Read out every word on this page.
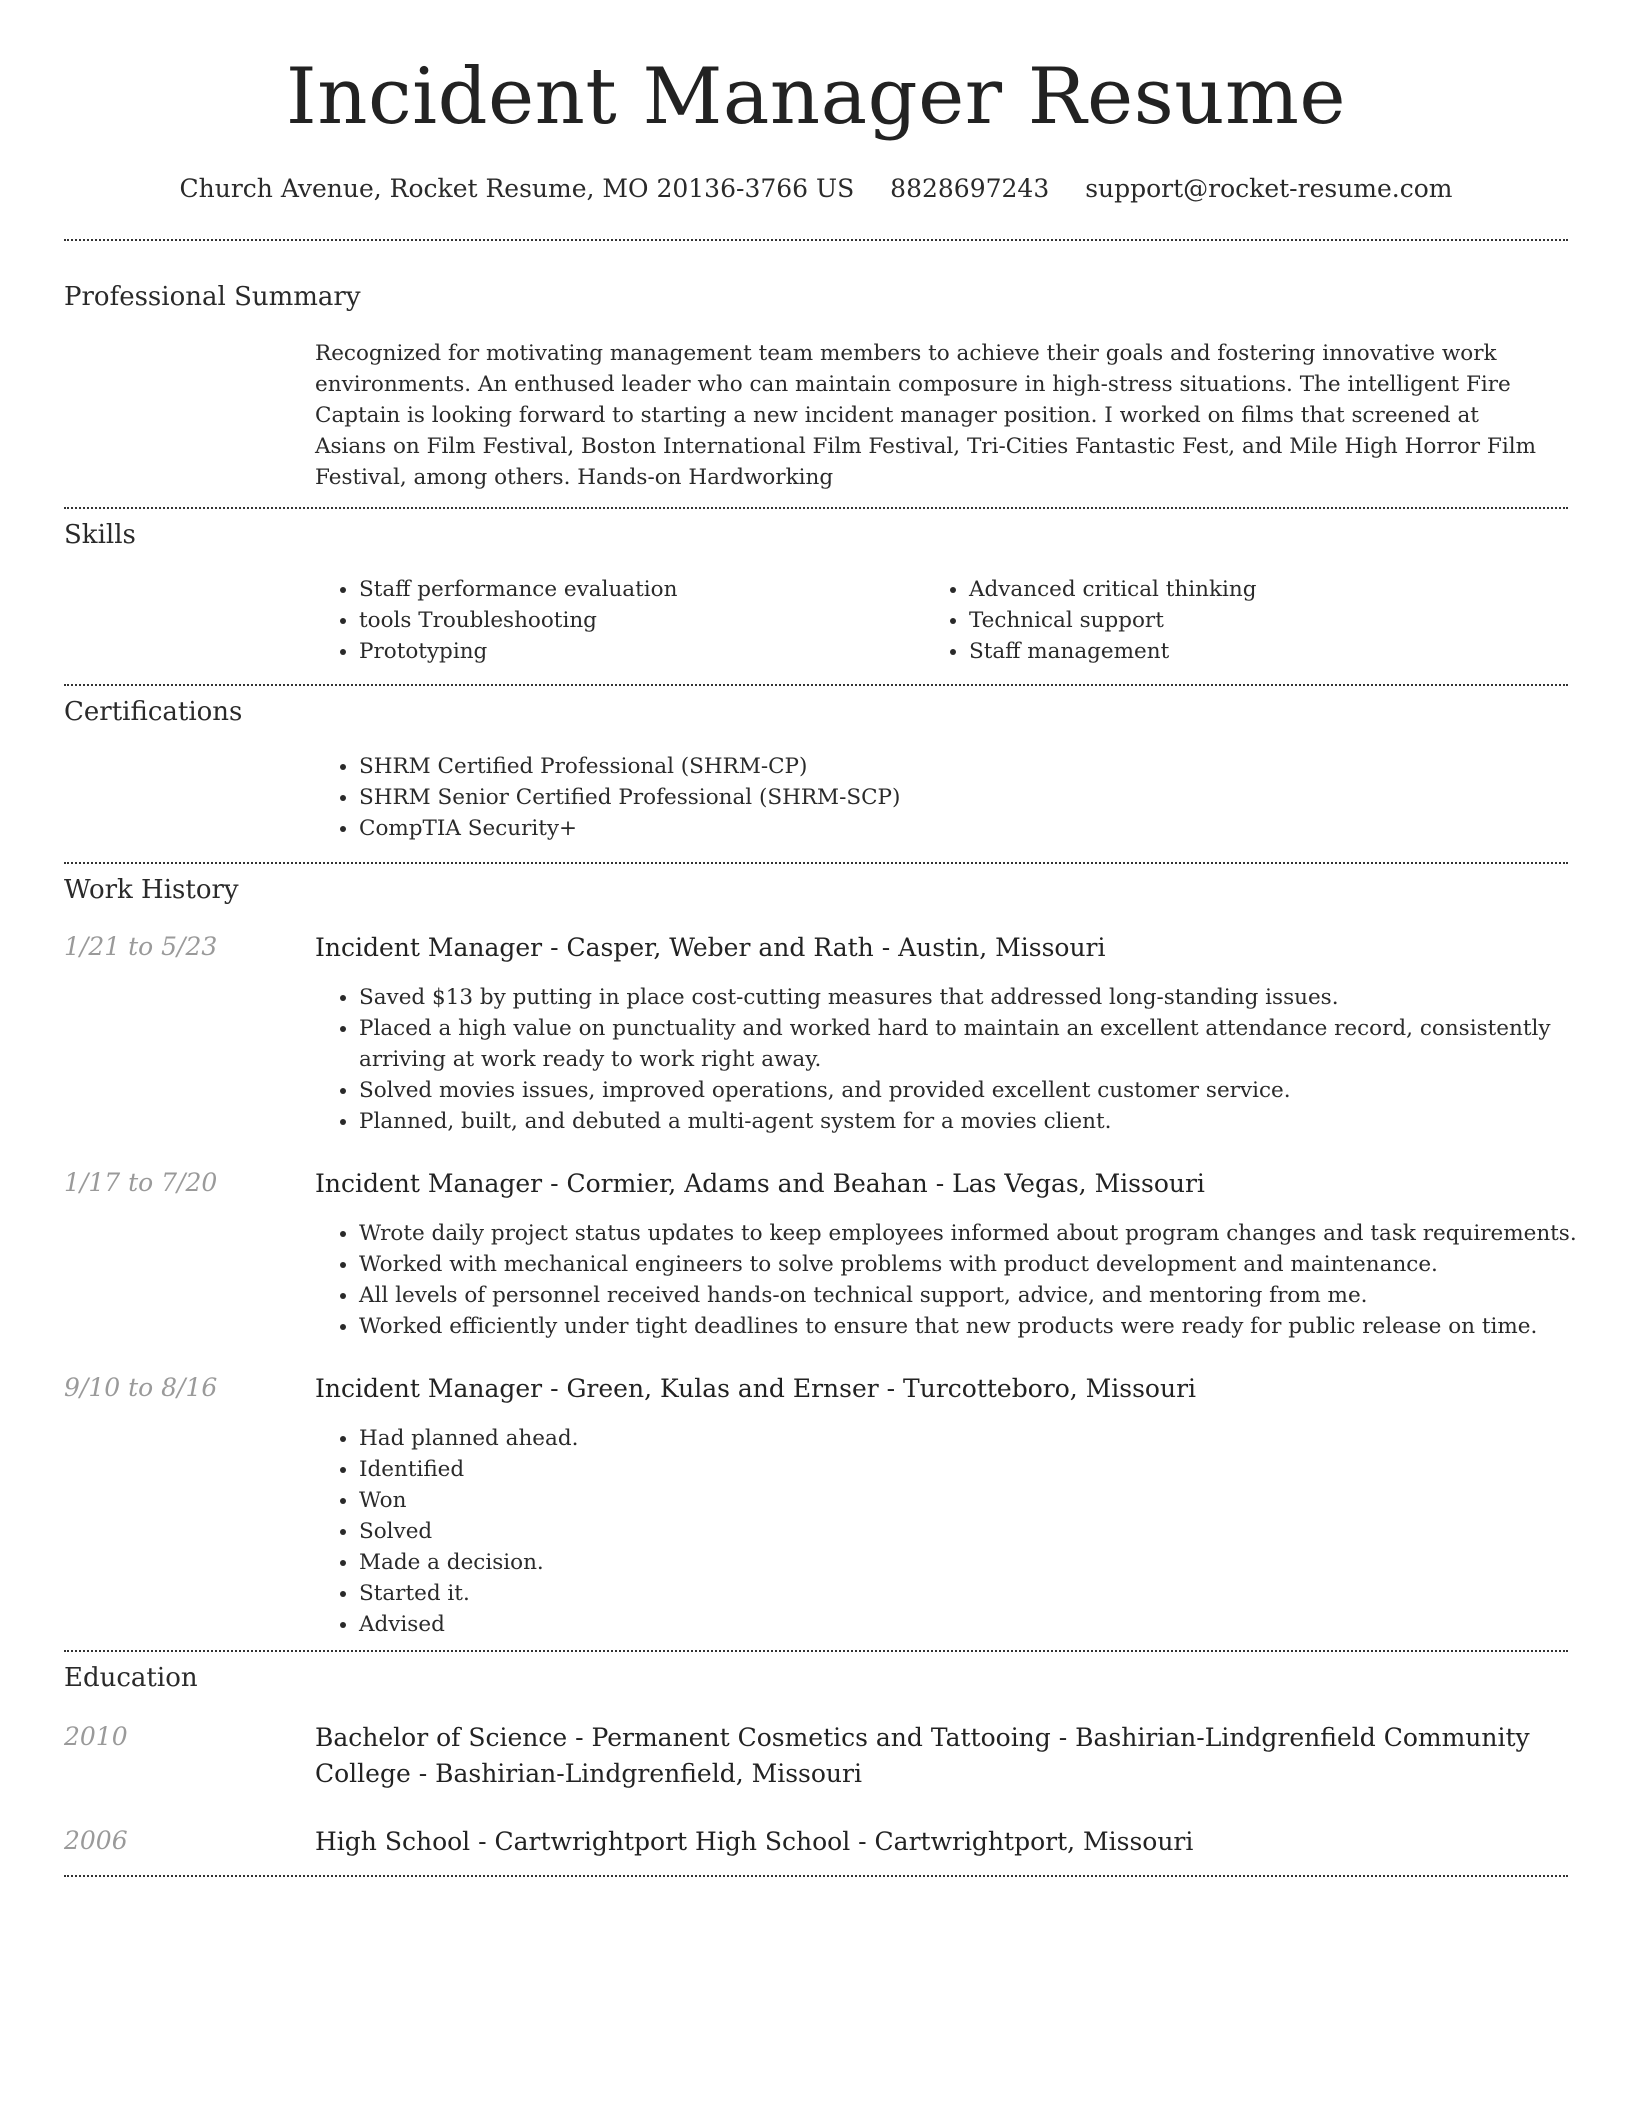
Incident Manager Resume
Church Avenue, Rocket Resume, MO 20136-3766 US 8828697243 support@rocket-resume.com
Professional Summary

Recognized for motivating management team members to achieve their goals and fostering innovative work environments. An enthused leader who can maintain composure in high-stress situations. The intelligent Fire Captain is looking forward to starting a new incident manager position. I worked on films that screened at Asians on Film Festival, Boston International Film Festival, Tri-Cities Fantastic Fest, and Mile High Horror Film Festival, among others. Hands-on Hardworking

Skills
• Staff performance evaluation
• tools Troubleshooting
• Prototyping
• Advanced critical thinking
• Technical support
• Staff management
Certifications
• SHRM Certified Professional (SHRM-CP)
• SHRM Senior Certified Professional (SHRM-SCP)
• CompTIA Security+
Work History
1/21 to 5/23	Incident Manager - Casper, Weber and Rath - Austin, Missouri
• Saved $13 by putting in place cost-cutting measures that addressed long-standing issues.
• Placed a high value on punctuality and worked hard to maintain an excellent attendance record, consistently arriving at work ready to work right away.
• Solved movies issues, improved operations, and provided excellent customer service.
• Planned, built, and debuted a multi-agent system for a movies client.
1/17 to 7/20	Incident Manager - Cormier, Adams and Beahan - Las Vegas, Missouri
• Wrote daily project status updates to keep employees informed about program changes and task requirements.
• Worked with mechanical engineers to solve problems with product development and maintenance.
• All levels of personnel received hands-on technical support, advice, and mentoring from me.
• Worked efficiently under tight deadlines to ensure that new products were ready for public release on time.
9/10 to 8/16	Incident Manager - Green, Kulas and Ernser - Turcotteboro, Missouri
• Had planned ahead.
• Identified
• Won
• Solved
• Made a decision.
• Started it.
• Advised
Education
2010	Bachelor of Science - Permanent Cosmetics and Tattooing - Bashirian-Lindgrenfield Community College - Bashirian-Lindgrenfield, Missouri
2006	High School - Cartwrightport High School - Cartwrightport, Missouri
